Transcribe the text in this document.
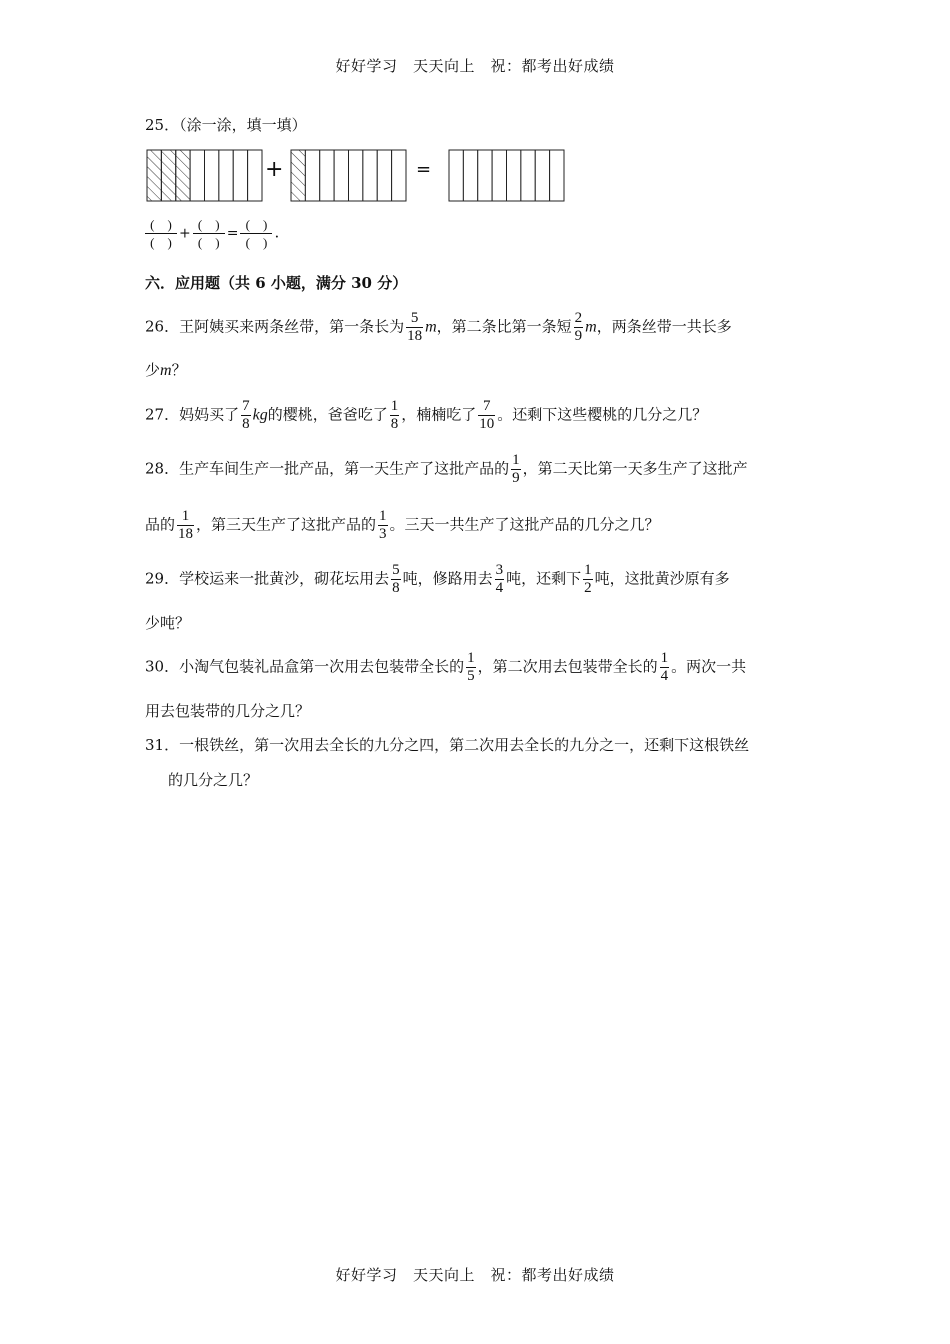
好好学习　天天向上　祝：都考出好成绩
25．（涂一涂，填一填）
+	=
$\frac{( )}{( )} + \frac{( )}{( )} = \frac{( )}{( )}$ .
六．应用题（共 6 小题，满分 30 分）
26．王阿姨买来两条丝带，第一条长为 $\frac{5}{18}$ m，第二条比第一条短 $\frac{2}{9}$ m，两条丝带一共长多
少m？
27．妈妈买了 $\frac{7}{8}$ kg的樱桃，爸爸吃了 $\frac{1}{8}$ ，楠楠吃了 $\frac{7}{10}$ 。还剩下这些樱桃的几分之几？
28．生产车间生产一批产品，第一天生产了这批产品的 $\frac{1}{9}$ ，第二天比第一天多生产了这批产
品的 $\frac{1}{18}$ ，第三天生产了这批产品的 $\frac{1}{3}$ 。三天一共生产了这批产品的几分之几？
29．学校运来一批黄沙，砌花坛用去 $\frac{5}{8}$ 吨，修路用去 $\frac{3}{4}$ 吨，还剩下 $\frac{1}{2}$ 吨，这批黄沙原有多
少吨？
30．小淘气包装礼品盒第一次用去包装带全长的 $\frac{1}{5}$ ，第二次用去包装带全长的 $\frac{1}{4}$ 。两次一共
用去包装带的几分之几？
31．一根铁丝，第一次用去全长的九分之四，第二次用去全长的九分之一，还剩下这根铁丝
的几分之几？
好好学习　天天向上　祝：都考出好成绩
